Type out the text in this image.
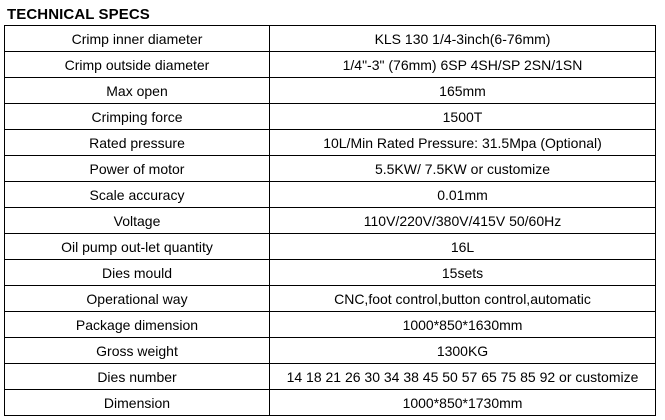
TECHNICAL SPECS
Crimp inner diameter	KLS 130 1/4-3inch(6-76mm)
Crimp outside diameter	1/4"-3" (76mm) 6SP 4SH/SP 2SN/1SN
Max open	165mm
Crimping force	1500T
Rated pressure	10L/Min Rated Pressure: 31.5Mpa (Optional)
Power of motor	5.5KW/ 7.5KW or customize
Scale accuracy	0.01mm
Voltage	110V/220V/380V/415V 50/60Hz
Oil pump out-let quantity	16L
Dies mould	15sets
Operational way	CNC,foot control,button control,automatic
Package dimension	1000*850*1630mm
Gross weight	1300KG
Dies number	14 18 21 26 30 34 38 45 50 57 65 75 85 92 or customize
Dimension	1000*850*1730mm
